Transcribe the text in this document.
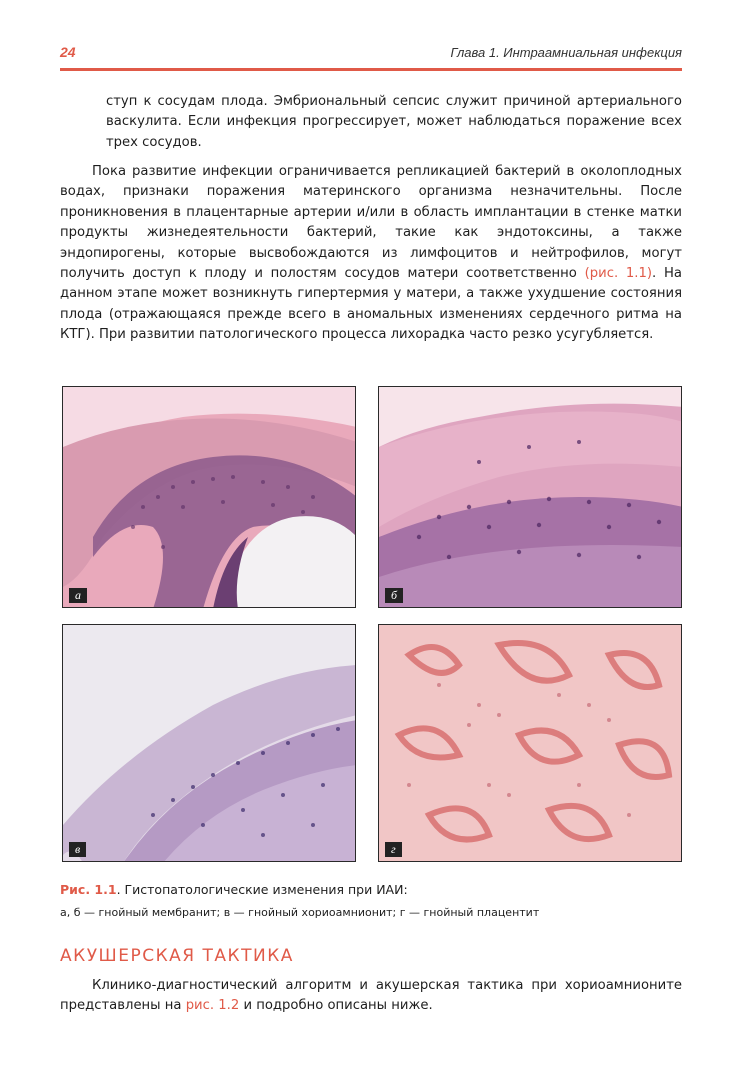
24	Глава 1. Интраамниальная инфекция

ступ к сосудам плода. Эмбриональный сепсис служит причиной артериального васкулита. Если инфекция прогрессирует, может наблюдаться поражение всех трех сосудов.

Пока развитие инфекции ограничивается репликацией бактерий в околоплодных водах, признаки поражения материнского организма незначительны. После проникновения в плацентарные артерии и/или в область имплантации в стенке матки продукты жизнедеятельности бактерий, такие как эндотоксины, а также эндопирогены, которые высвобождаются из лимфоцитов и нейтрофилов, могут получить доступ к плоду и полостям сосудов матери соответственно (рис. 1.1). На данном этапе может возникнуть гипертермия у матери, а также ухудшение состояния плода (отражающаяся прежде всего в аномальных изменениях сердечного ритма на КТГ). При развитии патологического процесса лихорадка часто резко усугубляется.

а	б
в	г
Рис. 1.1. Гистопатологические изменения при ИАИ:
а, б — гнойный мембранит; в — гнойный хориоамнионит; г — гнойный плацентит
АКУШЕРСКАЯ ТАКТИКА

Клинико-диагностический алгоритм и акушерская тактика при хориоамнионите представлены на рис. 1.2 и подробно описаны ниже.
